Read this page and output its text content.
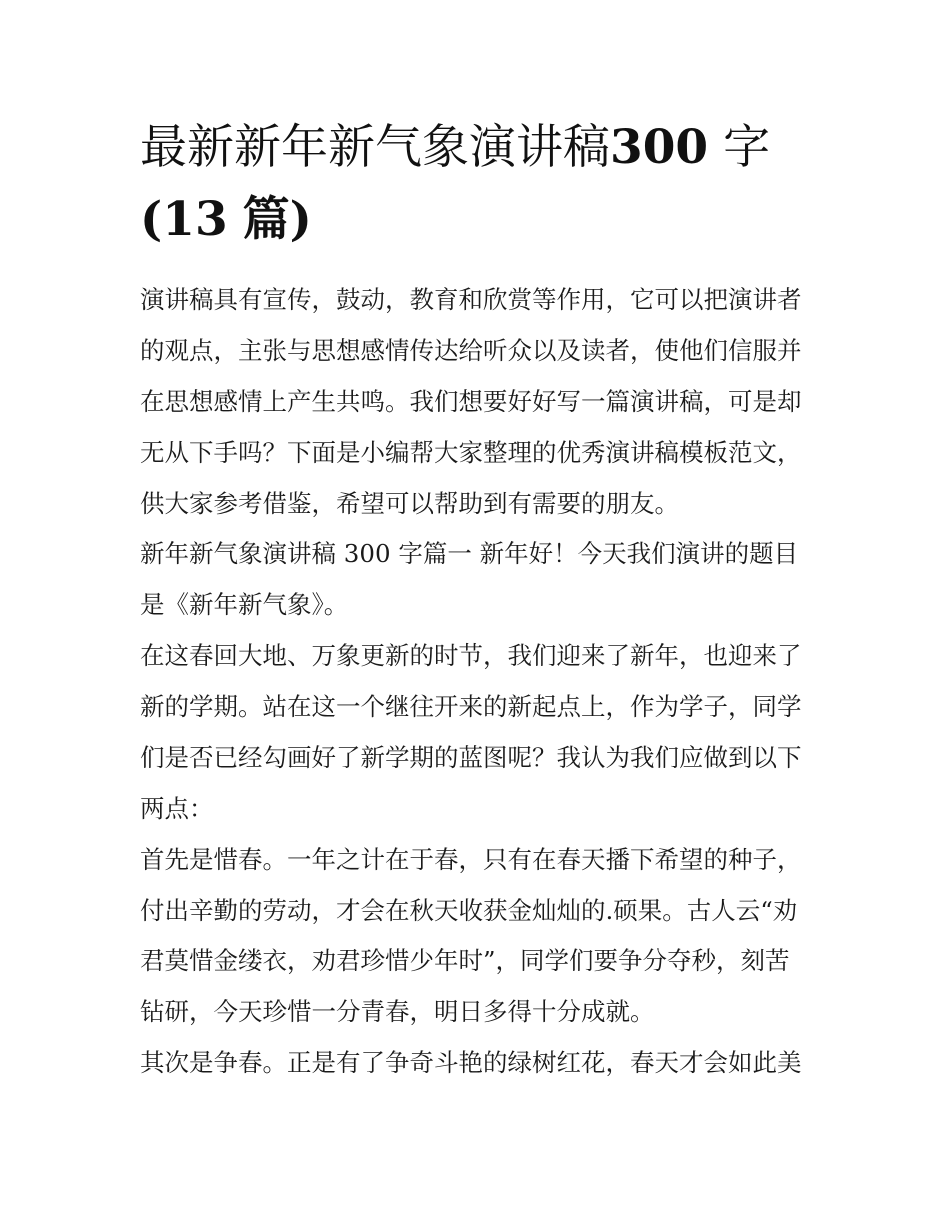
最新新年新气象演讲稿300 字
(13 篇)

演讲稿具有宣传，鼓动，教育和欣赏等作用，它可以把演讲者

的观点，主张与思想感情传达给听众以及读者，使他们信服并

在思想感情上产生共鸣。我们想要好好写一篇演讲稿，可是却

无从下手吗？下面是小编帮大家整理的优秀演讲稿模板范文，

供大家参考借鉴，希望可以帮助到有需要的朋友。

新年新气象演讲稿 300 字篇一 新年好！今天我们演讲的题目

是《新年新气象》。

在这春回大地、万象更新的时节，我们迎来了新年，也迎来了

新的学期。站在这一个继往开来的新起点上，作为学子，同学

们是否已经勾画好了新学期的蓝图呢？我认为我们应做到以下

两点：

首先是惜春。一年之计在于春，只有在春天播下希望的种子，

付出辛勤的劳动，才会在秋天收获金灿灿的.硕果。古人云“劝

君莫惜金缕衣，劝君珍惜少年时”，同学们要争分夺秒，刻苦

钻研，今天珍惜一分青春，明日多得十分成就。

其次是争春。正是有了争奇斗艳的绿树红花，春天才会如此美
